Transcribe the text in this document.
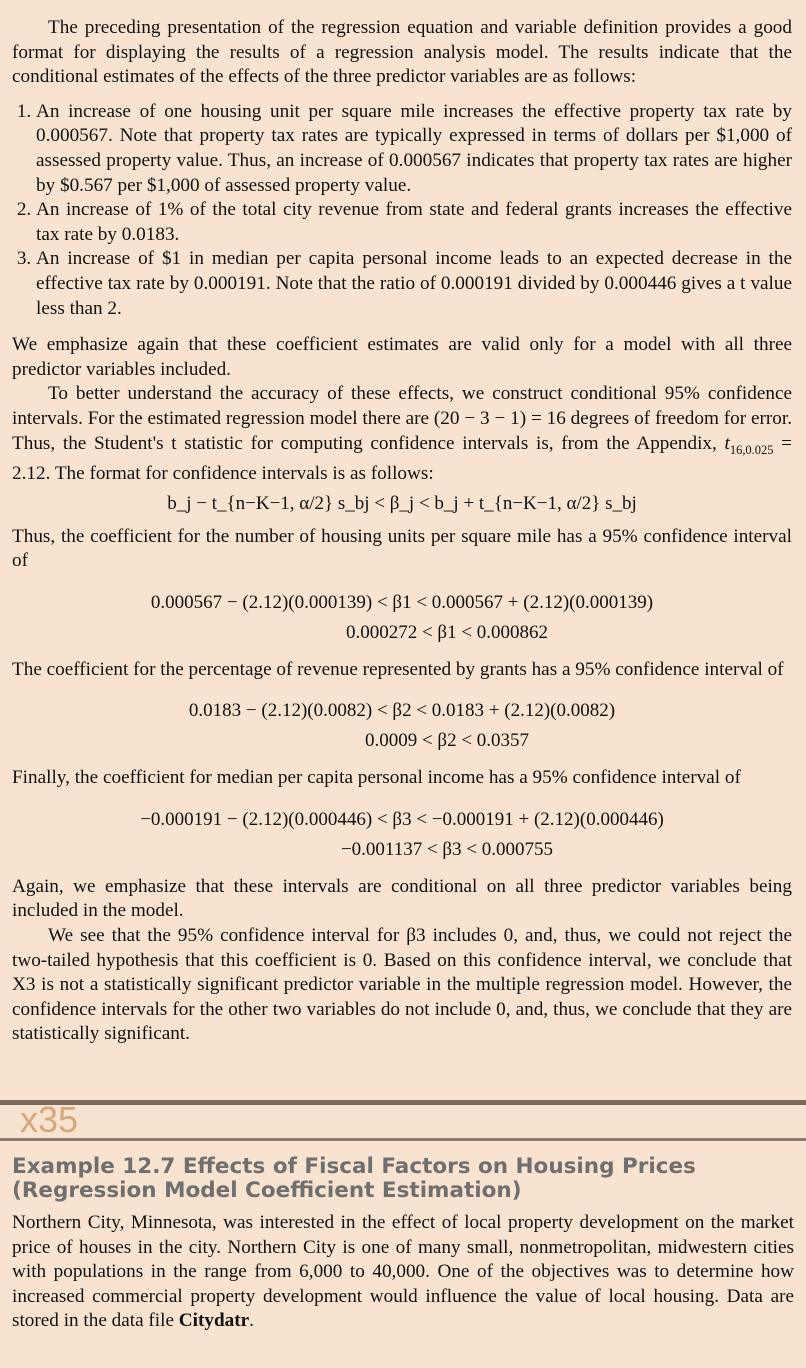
The preceding presentation of the regression equation and variable definition provides a good format for displaying the results of a regression analysis model. The results indicate that the conditional estimates of the effects of the three predictor variables are as follows:

1. An increase of one housing unit per square mile increases the effective property tax rate by 0.000567. Note that property tax rates are typically expressed in terms of dollars per $1,000 of assessed property value. Thus, an increase of 0.000567 indicates that property tax rates are higher by $0.567 per $1,000 of assessed property value.
2. An increase of 1% of the total city revenue from state and federal grants increases the effective tax rate by 0.0183.
3. An increase of $1 in median per capita personal income leads to an expected decrease in the effective tax rate by 0.000191. Note that the ratio of 0.000191 divided by 0.000446 gives a t value less than 2.

We emphasize again that these coefficient estimates are valid only for a model with all three predictor variables included.

To better understand the accuracy of these effects, we construct conditional 95% confidence intervals. For the estimated regression model there are (20 − 3 − 1) = 16 degrees of freedom for error. Thus, the Student's t statistic for computing confidence intervals is, from the Appendix, $t_{16,0.025} = 2.12$. The format for confidence intervals is as follows:

b_j − t_{n−K−1, α/2} s_bj < β_j < b_j + t_{n−K−1, α/2} s_bj

Thus, the coefficient for the number of housing units per square mile has a 95% confidence interval of

0.000567 − (2.12)(0.000139) < β1 < 0.000567 + (2.12)(0.000139)
0.000272 < β1 < 0.000862

The coefficient for the percentage of revenue represented by grants has a 95% confidence interval of

0.0183 − (2.12)(0.0082) < β2 < 0.0183 + (2.12)(0.0082)
0.0009 < β2 < 0.0357

Finally, the coefficient for median per capita personal income has a 95% confidence interval of

−0.000191 − (2.12)(0.000446) < β3 < −0.000191 + (2.12)(0.000446)
−0.001137 < β3 < 0.000755

Again, we emphasize that these intervals are conditional on all three predictor variables being included in the model.

We see that the 95% confidence interval for β3 includes 0, and, thus, we could not reject the two-tailed hypothesis that this coefficient is 0. Based on this confidence interval, we conclude that X3 is not a statistically significant predictor variable in the multiple regression model. However, the confidence intervals for the other two variables do not include 0, and, thus, we conclude that they are statistically significant.

x35
Example 12.7 Effects of Fiscal Factors on Housing Prices (Regression Model Coefficient Estimation)

Northern City, Minnesota, was interested in the effect of local property development on the market price of houses in the city. Northern City is one of many small, nonmetropolitan, midwestern cities with populations in the range from 6,000 to 40,000. One of the objectives was to determine how increased commercial property development would influence the value of local housing. Data are stored in the data file Citydatr.
